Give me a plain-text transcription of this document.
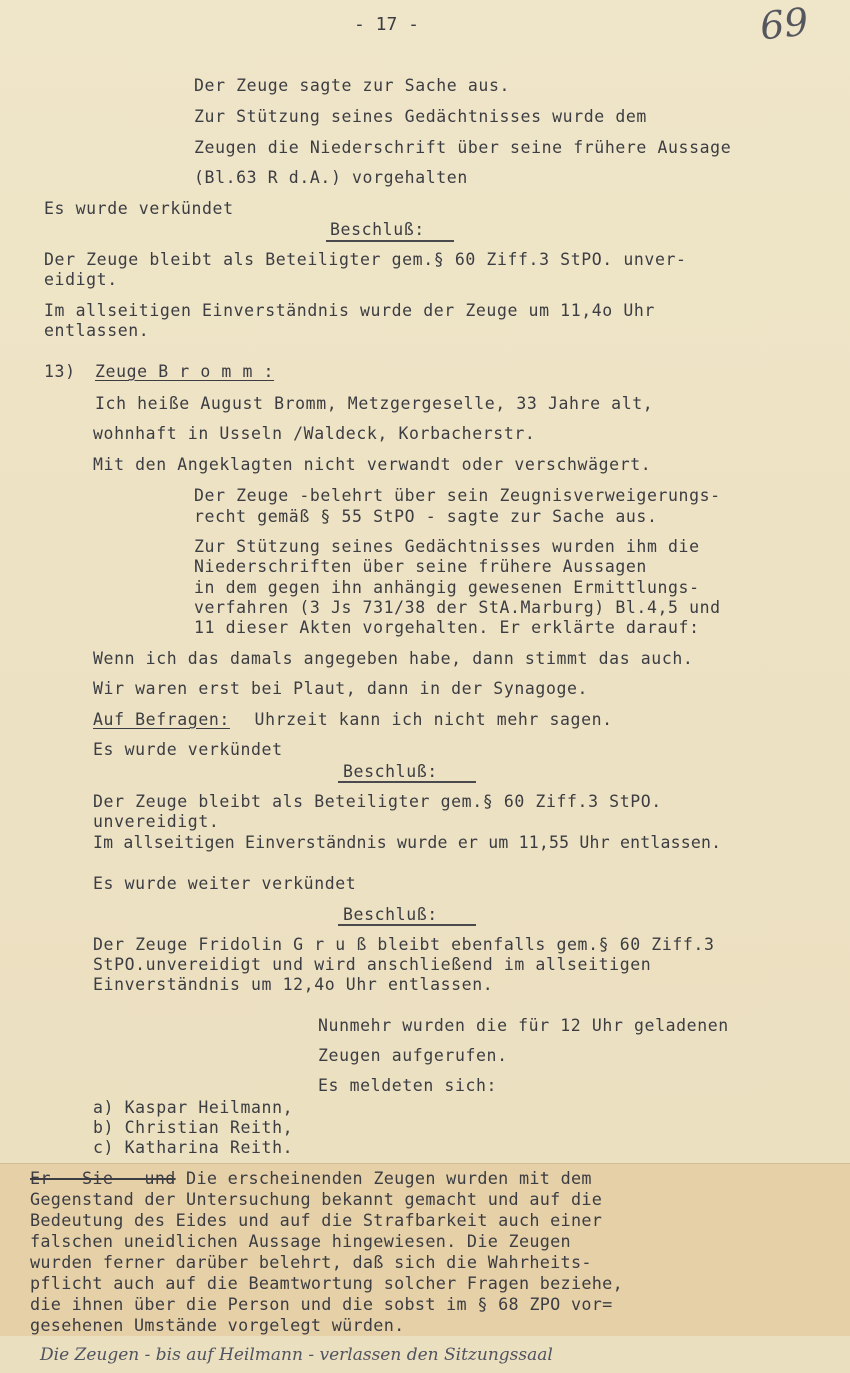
- 17 -	69
Der Zeuge sagte zur Sache aus.
Zur Stützung seines Gedächtnisses wurde dem
Zeugen die Niederschrift über seine frühere Aussage
(Bl.63 R d.A.) vorgehalten
Es wurde verkündet
Beschluß:
Der Zeuge bleibt als Beteiligter gem.§ 60 Ziff.3 StPO. unver-
eidigt.
Im allseitigen Einverständnis wurde der Zeuge um 11,4o Uhr
entlassen.
13) Zeuge B r o m m :
Ich heiße August Bromm, Metzgergeselle, 33 Jahre alt,
wohnhaft in Usseln /Waldeck, Korbacherstr.
Mit den Angeklagten nicht verwandt oder verschwägert.
Der Zeuge -belehrt über sein Zeugnisverweigerungs-
recht gemäß § 55 StPO - sagte zur Sache aus.
Zur Stützung seines Gedächtnisses wurden ihm die
Niederschriften über seine frühere Aussagen
in dem gegen ihn anhängig gewesenen Ermittlungs-
verfahren (3 Js 731/38 der StA.Marburg) Bl.4,5 und
11 dieser Akten vorgehalten. Er erklärte darauf:
Wenn ich das damals angegeben habe, dann stimmt das auch.
Wir waren erst bei Plaut, dann in der Synagoge.
Auf Befragen: Uhrzeit kann ich nicht mehr sagen.
Es wurde verkündet
Beschluß:
Der Zeuge bleibt als Beteiligter gem.§ 60 Ziff.3 StPO.
unvereidigt.
Im allseitigen Einverständnis wurde er um 11,55 Uhr entlassen.
Es wurde weiter verkündet
Beschluß:
Der Zeuge Fridolin G r u ß bleibt ebenfalls gem.§ 60 Ziff.3
StPO.unvereidigt und wird anschließend im allseitigen
Einverständnis um 12,4o Uhr entlassen.
Nunmehr wurden die für 12 Uhr geladenen
Zeugen aufgerufen.
Es meldeten sich:
a) Kaspar Heilmann,
b) Christian Reith,
c) Katharina Reith.
Er - Sie - und Die erscheinenden Zeugen wurden mit dem
Gegenstand der Untersuchung bekannt gemacht und auf die
Bedeutung des Eides und auf die Strafbarkeit auch einer
falschen uneidlichen Aussage hingewiesen. Die Zeugen
wurden ferner darüber belehrt, daß sich die Wahrheits-
pflicht auch auf die Beamtwortung solcher Fragen beziehe,
die ihnen über die Person und die sobst im § 68 ZPO vor=
gesehenen Umstände vorgelegt würden.
Die Zeugen - bis auf Heilmann - verlassen den Sitzungssaal
